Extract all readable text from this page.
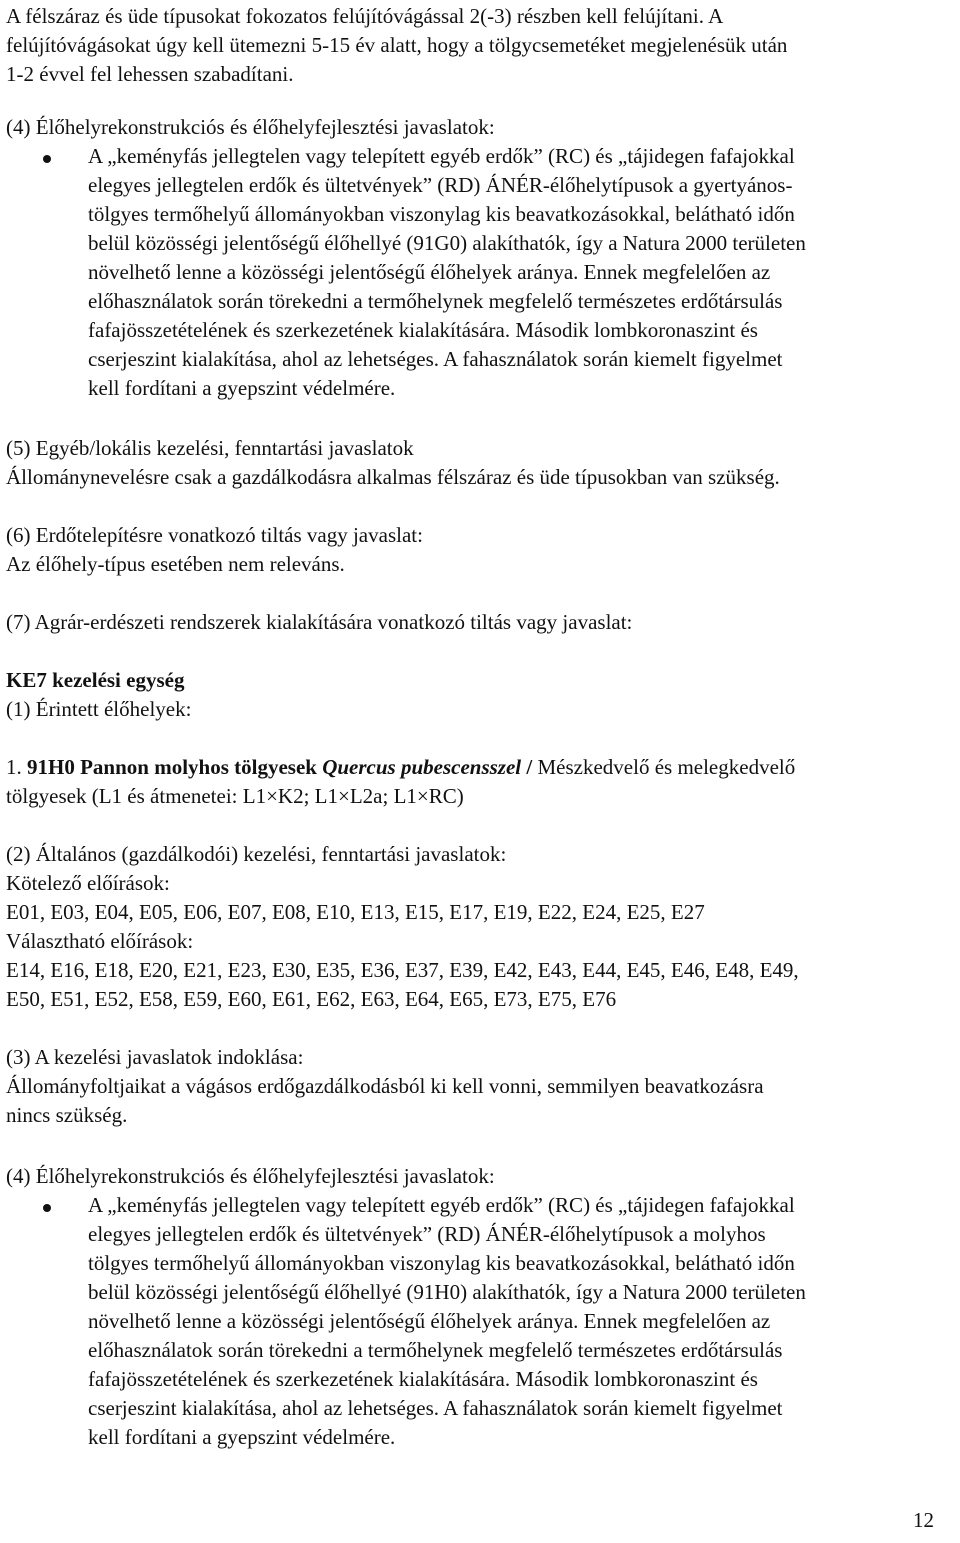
A félszáraz és üde típusokat fokozatos felújítóvágással 2(-3) részben kell felújítani. A
felújítóvágásokat úgy kell ütemezni 5-15 év alatt, hogy a tölgycsemetéket megjelenésük után
1-2 évvel fel lehessen szabadítani.
(4) Élőhelyrekonstrukciós és élőhelyfejlesztési javaslatok:
A „keményfás jellegtelen vagy telepített egyéb erdők” (RC) és „tájidegen fafajokkal
elegyes jellegtelen erdők és ültetvények” (RD) ÁNÉR-élőhelytípusok a gyertyános-
tölgyes termőhelyű állományokban viszonylag kis beavatkozásokkal, belátható időn
belül közösségi jelentőségű élőhellyé (91G0) alakíthatók, így a Natura 2000 területen
növelhető lenne a közösségi jelentőségű élőhelyek aránya. Ennek megfelelően az
előhasználatok során törekedni a termőhelynek megfelelő természetes erdőtársulás
fafajösszetételének és szerkezetének kialakítására. Második lombkoronaszint és
cserjeszint kialakítása, ahol az lehetséges. A fahasználatok során kiemelt figyelmet
kell fordítani a gyepszint védelmére.
(5) Egyéb/lokális kezelési, fenntartási javaslatok
Állománynevelésre csak a gazdálkodásra alkalmas félszáraz és üde típusokban van szükség.
(6) Erdőtelepítésre vonatkozó tiltás vagy javaslat:
Az élőhely-típus esetében nem releváns.
(7) Agrár-erdészeti rendszerek kialakítására vonatkozó tiltás vagy javaslat:
KE7 kezelési egység
(1) Érintett élőhelyek:
1. 91H0 Pannon molyhos tölgyesek Quercus pubescensszel / Mészkedvelő és melegkedvelő
tölgyesek (L1 és átmenetei: L1×K2; L1×L2a; L1×RC)
(2) Általános (gazdálkodói) kezelési, fenntartási javaslatok:
Kötelező előírások:
E01, E03, E04, E05, E06, E07, E08, E10, E13, E15, E17, E19, E22, E24, E25, E27
Választható előírások:
E14, E16, E18, E20, E21, E23, E30, E35, E36, E37, E39, E42, E43, E44, E45, E46, E48, E49,
E50, E51, E52, E58, E59, E60, E61, E62, E63, E64, E65, E73, E75, E76
(3) A kezelési javaslatok indoklása:
Állományfoltjaikat a vágásos erdőgazdálkodásból ki kell vonni, semmilyen beavatkozásra
nincs szükség.
(4) Élőhelyrekonstrukciós és élőhelyfejlesztési javaslatok:
A „keményfás jellegtelen vagy telepített egyéb erdők” (RC) és „tájidegen fafajokkal
elegyes jellegtelen erdők és ültetvények” (RD) ÁNÉR-élőhelytípusok a molyhos
tölgyes termőhelyű állományokban viszonylag kis beavatkozásokkal, belátható időn
belül közösségi jelentőségű élőhellyé (91H0) alakíthatók, így a Natura 2000 területen
növelhető lenne a közösségi jelentőségű élőhelyek aránya. Ennek megfelelően az
előhasználatok során törekedni a termőhelynek megfelelő természetes erdőtársulás
fafajösszetételének és szerkezetének kialakítására. Második lombkoronaszint és
cserjeszint kialakítása, ahol az lehetséges. A fahasználatok során kiemelt figyelmet
kell fordítani a gyepszint védelmére.
12
